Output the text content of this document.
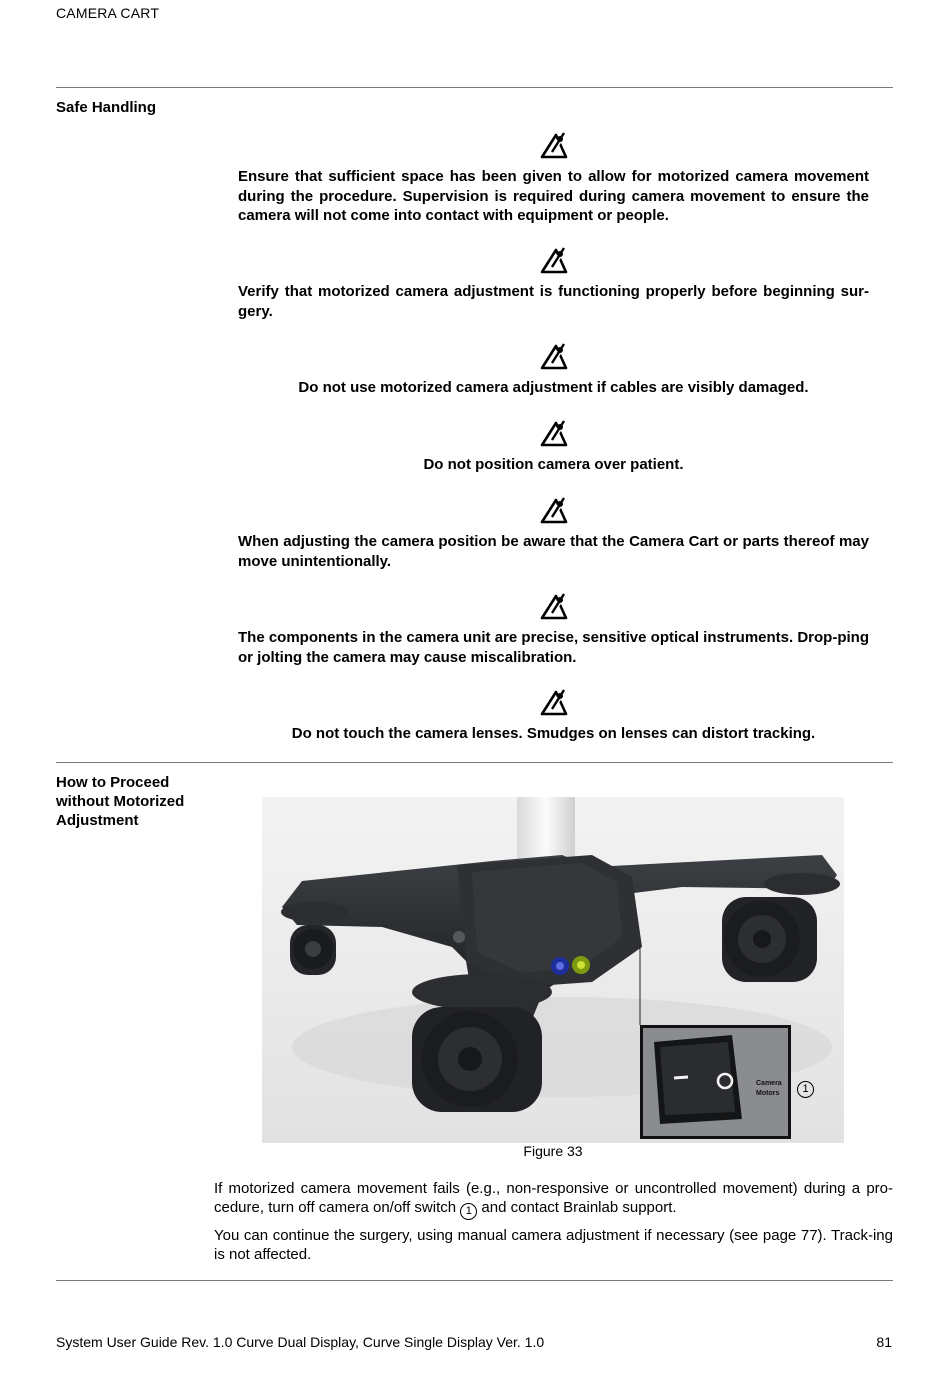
CAMERA CART
Safe Handling
Ensure that sufficient space has been given to allow for motorized camera movement during the procedure. Supervision is required during camera movement to ensure the camera will not come into contact with equipment or people.
Verify that motorized camera adjustment is functioning properly before beginning sur-gery.
Do not use motorized camera adjustment if cables are visibly damaged.
Do not position camera over patient.
When adjusting the camera position be aware that the Camera Cart or parts thereof may move unintentionally.
The components in the camera unit are precise, sensitive optical instruments. Drop-ping or jolting the camera may cause miscalibration.
Do not touch the camera lenses. Smudges on lenses can distort tracking.
How to Proceed without Motorized Adjustment
Camera
Motors	1
Figure 33
If motorized camera movement fails (e.g., non-responsive or uncontrolled movement) during a pro-cedure, turn off camera on/off switch 1 and contact Brainlab support.
You can continue the surgery, using manual camera adjustment if necessary (see page 77). Track-ing is not affected.
System User Guide Rev. 1.0 Curve Dual Display, Curve Single Display Ver. 1.0	81
